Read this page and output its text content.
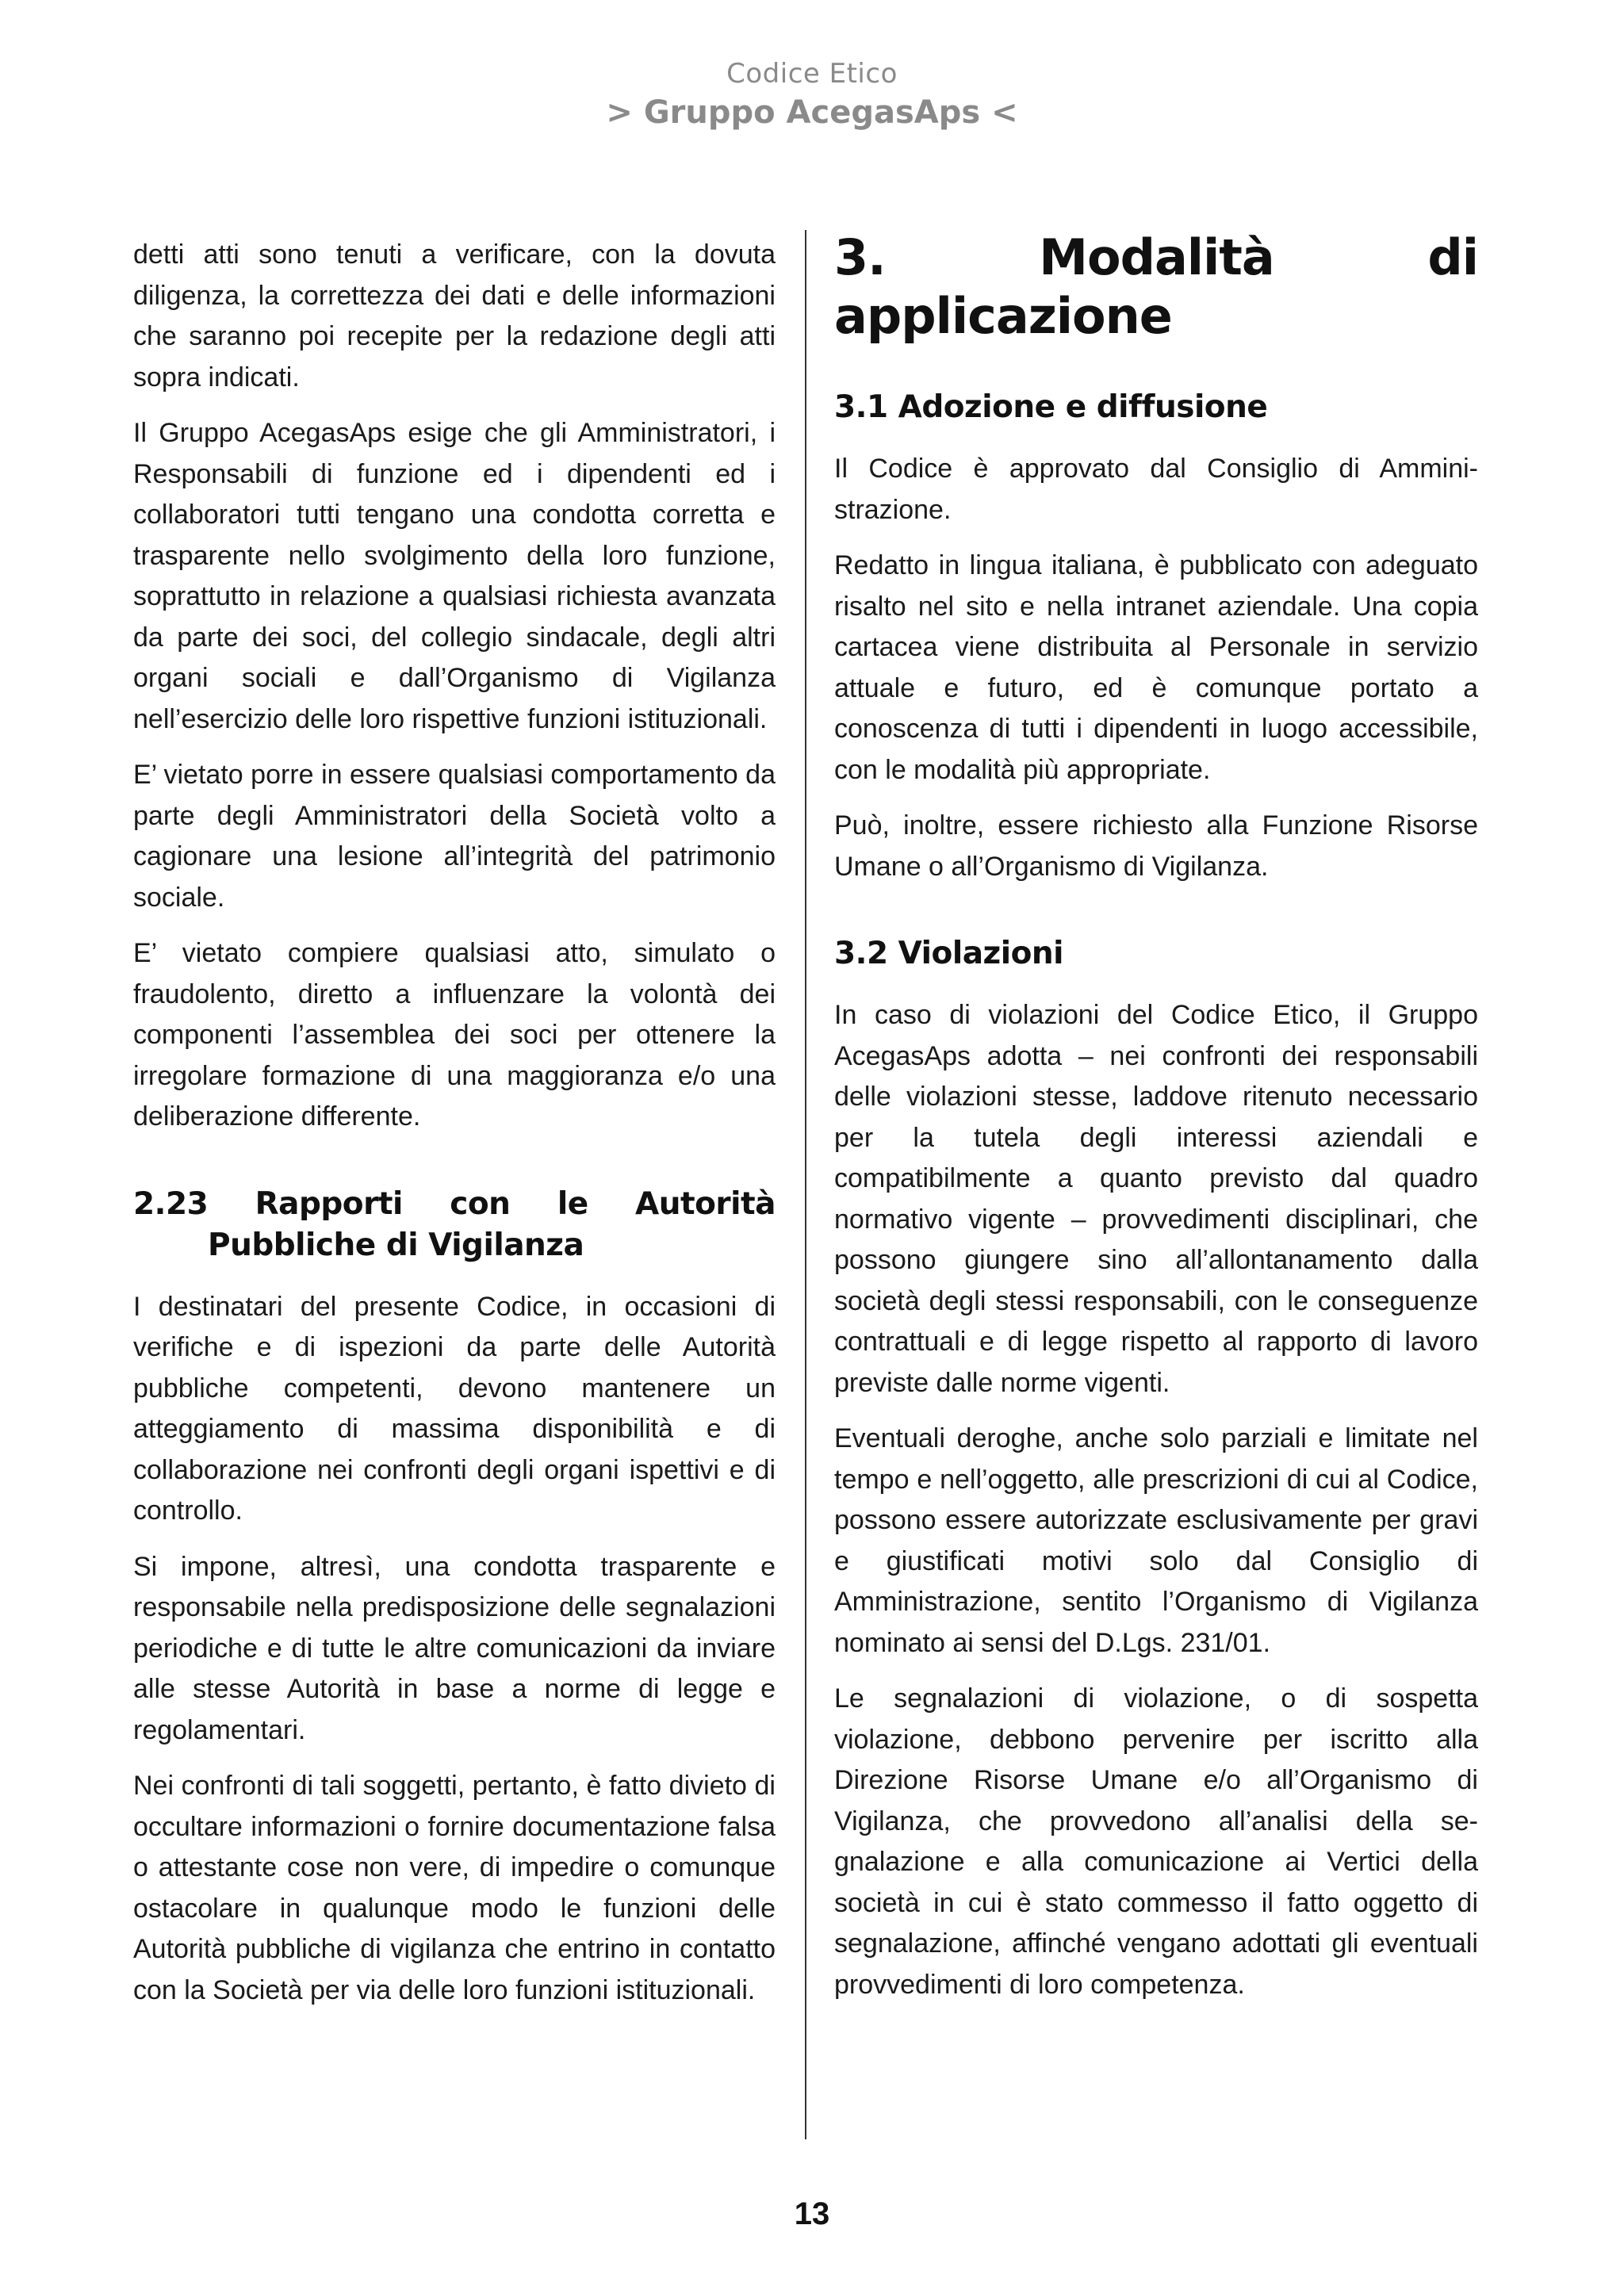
Codice Etico
> Gruppo AcegasAps <

detti atti sono tenuti a verificare, con la dovuta diligenza, la correttezza dei dati e delle informazioni che saranno poi recepite per la redazione degli atti sopra indicati.

Il Gruppo AcegasAps esige che gli Amministratori, i Responsabili di funzione ed i dipendenti ed i collaboratori tutti tengano una condotta corretta e trasparente nello svolgimento della loro funzione, soprattutto in relazione a qualsiasi richiesta avanzata da parte dei soci, del collegio sindacale, degli altri organi sociali e dall’Organismo di Vigilanza nell’esercizio delle loro rispettive funzioni istituzionali.

E’ vietato porre in essere qualsiasi comportamento da parte degli Amministratori della Società volto a cagionare una lesione all’integrità del patrimonio sociale.

E’ vietato compiere qualsiasi atto, simulato o fraudolento, diretto a influenzare la volontà dei componenti l’assemblea dei soci per ottenere la irregolare formazione di una maggioranza e/o una deliberazione differente.

2.23 Rapporti con le Autorità Pubbliche di Vigilanza

I destinatari del presente Codice, in occasioni di verifiche e di ispezioni da parte delle Autorità pubbliche competenti, devono mantenere un atteggiamento di massima disponibilità e di collaborazione nei confronti degli organi ispettivi e di controllo.

Si impone, altresì, una condotta trasparente e responsabile nella predisposizione delle segnalazioni periodiche e di tutte le altre comunicazioni da inviare alle stesse Autorità in base a norme di legge e regolamentari.

Nei confronti di tali soggetti, pertanto, è fatto divieto di occultare informazioni o fornire documentazione falsa o attestante cose non vere, di impedire o comunque ostacolare in qualunque modo le funzioni delle Autorità pubbliche di vigilanza che entrino in contatto con la Società per via delle loro funzioni istituzionali.

3. Modalità di applicazione
3.1 Adozione e diffusione

Il Codice è approvato dal Consiglio di Amministrazione.

Redatto in lingua italiana, è pubblicato con adeguato risalto nel sito e nella intranet aziendale. Una copia cartacea viene distribuita al Personale in servizio attuale e futuro, ed è comunque portato a conoscenza di tutti i dipendenti in luogo accessibile, con le modalità più appropriate.

Può, inoltre, essere richiesto alla Funzione Risorse Umane o all’Organismo di Vigilanza.

3.2 Violazioni

In caso di violazioni del Codice Etico, il Gruppo AcegasAps adotta – nei confronti dei responsabili delle violazioni stesse, laddove ritenuto necessario per la tutela degli interessi aziendali e compatibilmente a quanto previsto dal quadro normativo vigente – provvedimenti disciplinari, che possono giungere sino all’allontanamento dalla società degli stessi responsabili, con le conseguenze contrattuali e di legge rispetto al rapporto di lavoro previste dalle norme vigenti.

Eventuali deroghe, anche solo parziali e limitate nel tempo e nell’oggetto, alle prescrizioni di cui al Codice, possono essere autorizzate esclusivamente per gravi e giustificati motivi solo dal Consiglio di Amministrazione, sentito l’Organismo di Vigilanza nominato ai sensi del D.Lgs. 231/01.

Le segnalazioni di violazione, o di sospetta violazione, debbono pervenire per iscritto alla Direzione Risorse Umane e/o all’Organismo di Vigilanza, che provvedono all’analisi della segnalazione e alla comunicazione ai Vertici della società in cui è stato commesso il fatto oggetto di segnalazione, affinché vengano adottati gli eventuali provvedimenti di loro competenza.

13
